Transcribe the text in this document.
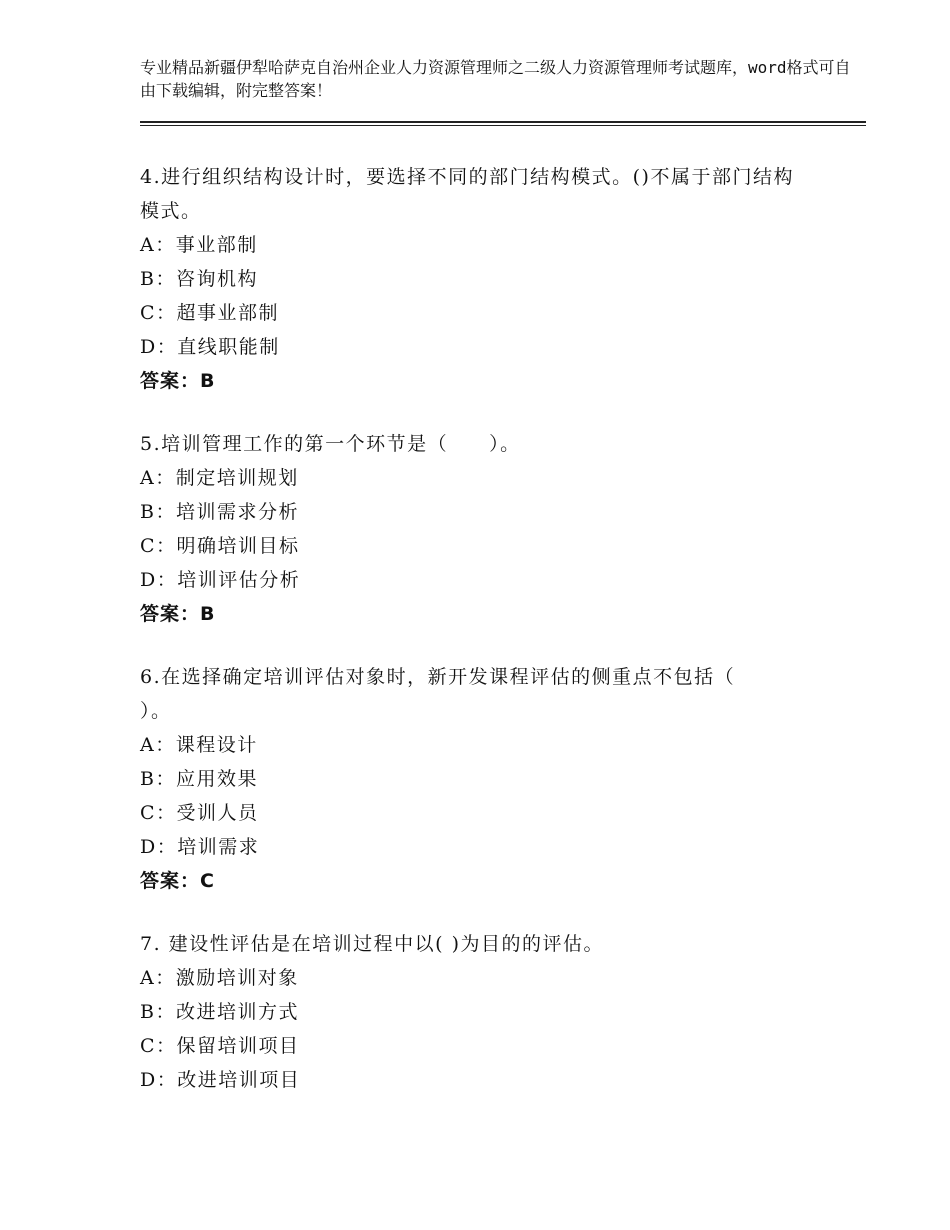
专业精品新疆伊犁哈萨克自治州企业人力资源管理师之二级人力资源管理师考试题库，word格式可自由下载编辑，附完整答案！
4.进行组织结构设计时，要选择不同的部门结构模式。()不属于部门结构模式。
A：事业部制
B：咨询机构
C：超事业部制
D：直线职能制
答案：B
5.培训管理工作的第一个环节是（　　）。
A：制定培训规划
B：培训需求分析
C：明确培训目标
D：培训评估分析
答案：B
6.在选择确定培训评估对象时，新开发课程评估的侧重点不包括（ ）。
A：课程设计
B：应用效果
C：受训人员
D：培训需求
答案：C
7. 建设性评估是在培训过程中以( )为目的的评估。
A：激励培训对象
B：改进培训方式
C：保留培训项目
D：改进培训项目
